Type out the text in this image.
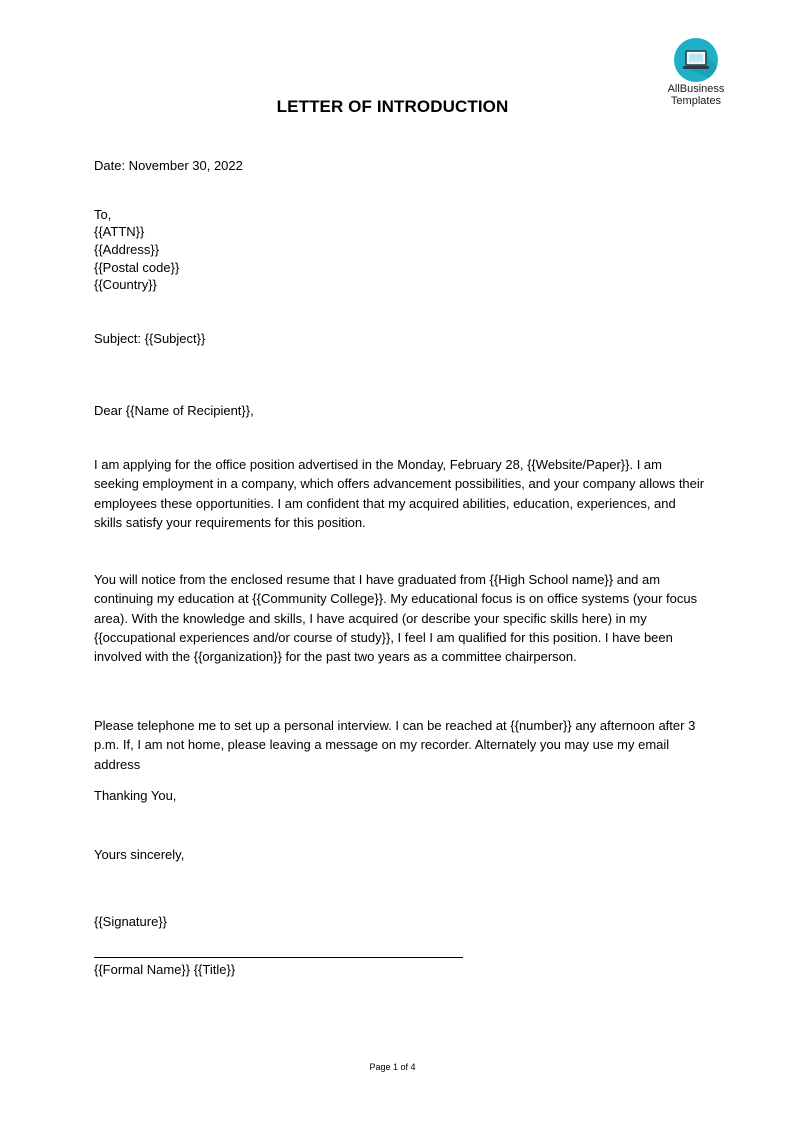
AllBusiness
Templates
LETTER OF INTRODUCTION
Date: November 30, 2022
To,
{{ATTN}}
{{Address}}
{{Postal code}}
{{Country}}
Subject: {{Subject}}
Dear {{Name of Recipient}},
I am applying for the office position advertised in the Monday, February 28, {{Website/Paper}}. I am seeking employment in a company, which offers advancement possibilities, and your company allows their employees these opportunities. I am confident that my acquired abilities, education, experiences, and skills satisfy your requirements for this position.
You will notice from the enclosed resume that I have graduated from {{High School name}} and am continuing my education at {{Community College}}. My educational focus is on office systems (your focus area). With the knowledge and skills, I have acquired (or describe your specific skills here) in my {{occupational experiences and/or course of study}}, I feel I am qualified for this position. I have been involved with the {{organization}} for the past two years as a committee chairperson.
Please telephone me to set up a personal interview. I can be reached at {{number}} any afternoon after 3 p.m. If, I am not home, please leaving a message on my recorder. Alternately you may use my email address
Thanking You,
Yours sincerely,
{{Signature}}
{{Formal Name}} {{Title}}
Page 1 of 4
